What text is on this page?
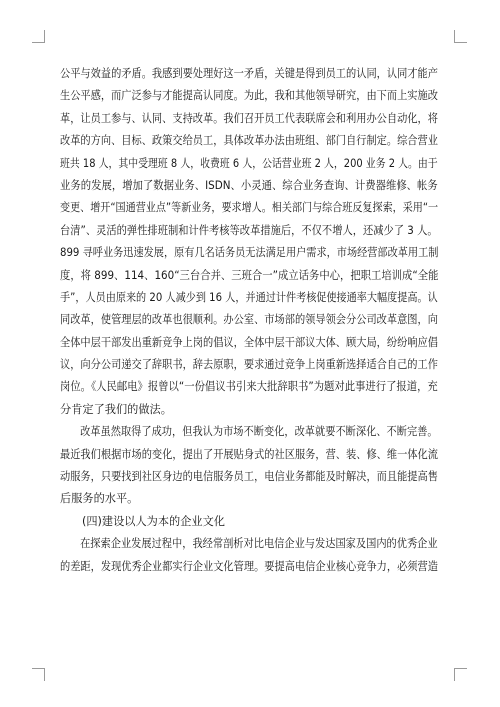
公平与效益的矛盾。我感到要处理好这一矛盾，关键是得到员工的认同，认同才能产
生公平感，而广泛参与才能提高认同度。为此，我和其他领导研究，由下而上实施改
革，让员工参与、认同、支持改革。我们召开员工代表联席会和利用办公自动化，将
改革的方向、目标、政策交给员工，具体改革办法由班组、部门自行制定。综合营业
班共 18 人，其中受理班 8 人，收费班 6 人，公话营业班 2 人，200 业务 2 人。由于
业务的发展，增加了数据业务、ISDN、小灵通、综合业务查询、计费器维修、帐务
变更、增开“国通营业点”等新业务，要求增人。相关部门与综合班反复探索，采用“一
台清”、灵活的弹性排班制和计件考核等改革措施后，不仅不增人，还减少了 3 人。
899 寻呼业务迅速发展，原有几名话务员无法满足用户需求，市场经营部改革用工制
度，将 899、114、160“三台合并、三班合一”成立话务中心，把职工培训成“全能
手”，人员由原来的 20 人减少到 16 人，并通过计件考核促使接通率大幅度提高。认
同改革，使管理层的改革也很顺利。办公室、市场部的领导领会分公司改革意图，向
全体中层干部发出重新竞争上岗的倡议，全体中层干部议大体、顾大局，纷纷响应倡
议，向分公司递交了辞职书，辞去原职，要求通过竞争上岗重新选择适合自己的工作
岗位。《人民邮电》报曾以“一份倡议书引来大批辞职书”为题对此事进行了报道，充
分肯定了我们的做法。
改革虽然取得了成功，但我认为市场不断变化，改革就要不断深化、不断完善。
最近我们根据市场的变化，提出了开展贴身式的社区服务，营、装、修、维一体化流
动服务，只要找到社区身边的电信服务员工，电信业务都能及时解决，而且能提高售
后服务的水平。
(四)建设以人为本的企业文化
在探索企业发展过程中，我经常剖析对比电信企业与发达国家及国内的优秀企业
的差距，发现优秀企业都实行企业文化管理。要提高电信企业核心竞争力，必须营造
